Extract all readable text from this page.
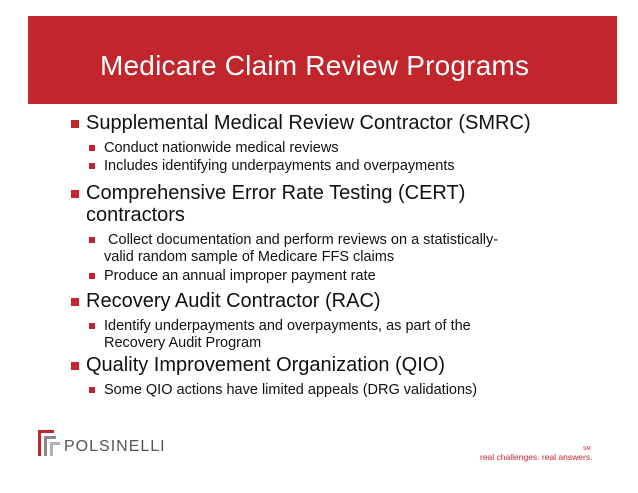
Medicare Claim Review Programs
Supplemental Medical Review Contractor (SMRC)
Conduct nationwide medical reviews
Includes identifying underpayments and overpayments
Comprehensive Error Rate Testing (CERT)
contractors
Collect documentation and perform reviews on a statistically-
valid random sample of Medicare FFS claims
Produce an annual improper payment rate
Recovery Audit Contractor (RAC)
Identify underpayments and overpayments, as part of the
Recovery Audit Program
Quality Improvement Organization (QIO)
Some QIO actions have limited appeals (DRG validations)
POLSINELLI
real challenges. real answers.
SM
